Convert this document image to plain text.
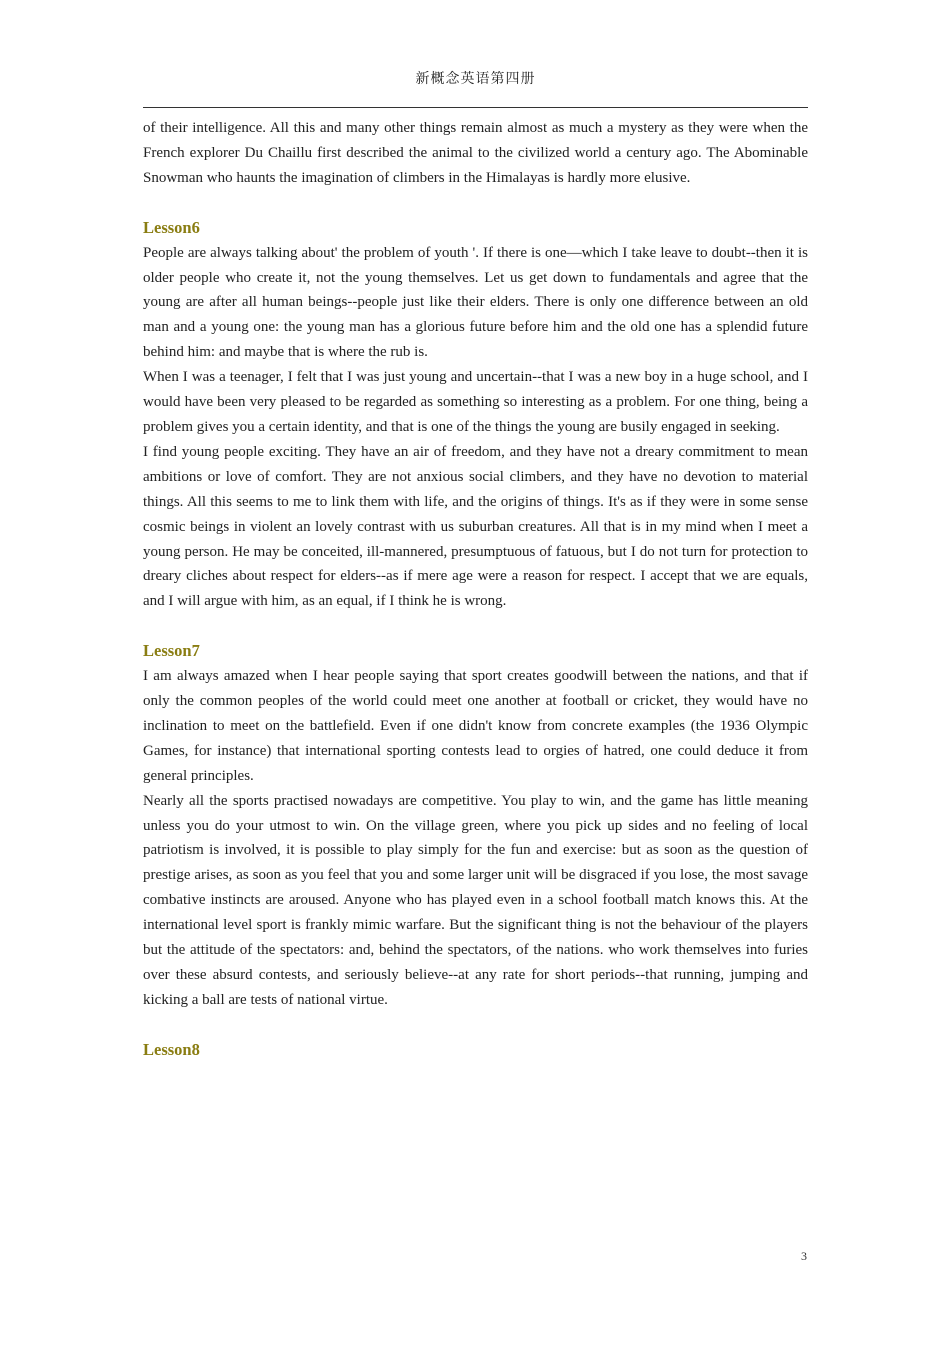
新概念英语第四册

of their intelligence. All this and many other things remain almost as much a mystery as they were when the French explorer Du Chaillu first described the animal to the civilized world a century ago. The Abominable Snowman who haunts the imagination of climbers in the Himalayas is hardly more elusive.

Lesson6

People are always talking about' the problem of youth '. If there is one—which I take leave to doubt--then it is older people who create it, not the young themselves. Let us get down to fundamentals and agree that the young are after all human beings--people just like their elders. There is only one difference between an old man and a young one: the young man has a glorious future before him and the old one has a splendid future behind him: and maybe that is where the rub is.

When I was a teenager, I felt that I was just young and uncertain--that I was a new boy in a huge school, and I would have been very pleased to be regarded as something so interesting as a problem. For one thing, being a problem gives you a certain identity, and that is one of the things the young are busily engaged in seeking.

I find young people exciting. They have an air of freedom, and they have not a dreary commitment to mean ambitions or love of comfort. They are not anxious social climbers, and they have no devotion to material things. All this seems to me to link them with life, and the origins of things. It's as if they were in some sense cosmic beings in violent an lovely contrast with us suburban creatures. All that is in my mind when I meet a young person. He may be conceited, ill-mannered, presumptuous of fatuous, but I do not turn for protection to dreary cliches about respect for elders--as if mere age were a reason for respect. I accept that we are equals, and I will argue with him, as an equal, if I think he is wrong.

Lesson7

I am always amazed when I hear people saying that sport creates goodwill between the nations, and that if only the common peoples of the world could meet one another at football or cricket, they would have no inclination to meet on the battlefield. Even if one didn't know from concrete examples (the 1936 Olympic Games, for instance) that international sporting contests lead to orgies of hatred, one could deduce it from general principles.

Nearly all the sports practised nowadays are competitive. You play to win, and the game has little meaning unless you do your utmost to win. On the village green, where you pick up sides and no feeling of local patriotism is involved, it is possible to play simply for the fun and exercise: but as soon as the question of prestige arises, as soon as you feel that you and some larger unit will be disgraced if you lose, the most savage combative instincts are aroused. Anyone who has played even in a school football match knows this. At the international level sport is frankly mimic warfare. But the significant thing is not the behaviour of the players but the attitude of the spectators: and, behind the spectators, of the nations. who work themselves into furies over these absurd contests, and seriously believe--at any rate for short periods--that running, jumping and kicking a ball are tests of national virtue.

Lesson8
3
